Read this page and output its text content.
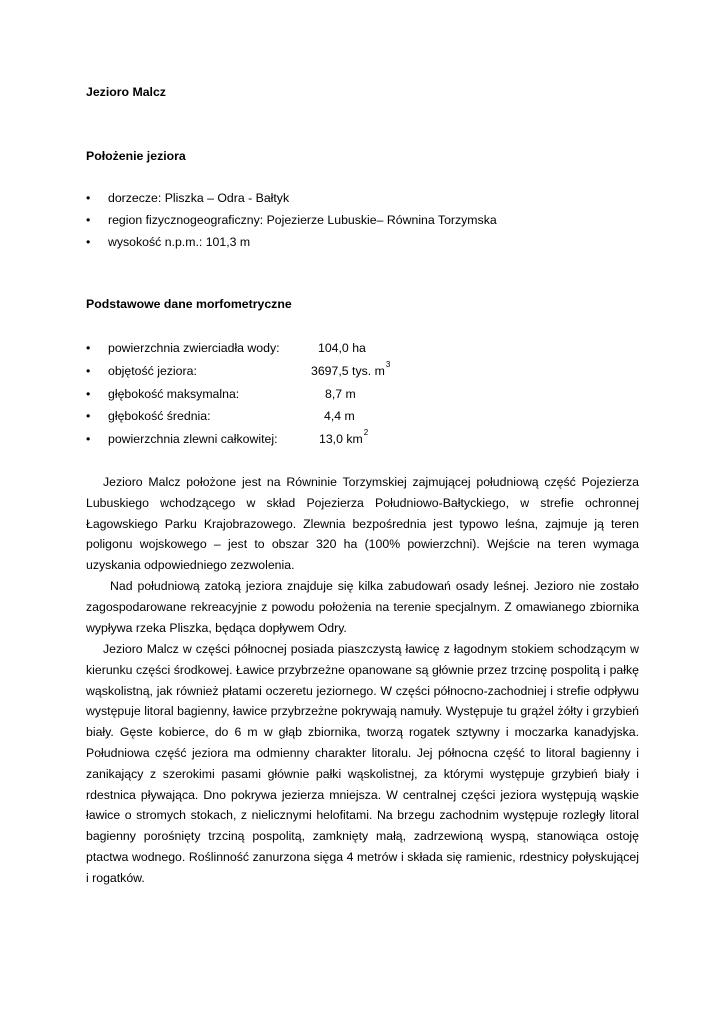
Jezioro Malcz
Położenie jeziora
• dorzecze: Pliszka – Odra - Bałtyk
• region fizycznogeograficzny: Pojezierze Lubuskie– Równina Torzymska
• wysokość n.p.m.: 101,3 m
Podstawowe dane morfometryczne
• powierzchnia zwierciadła wody:	104,0 ha
• objętość jeziora:	3697,5 tys. $m^3$
• głębokość maksymalna:	8,7 m
• głębokość średnia:	4,4 m
• powierzchnia zlewni całkowitej:	13,0 $km^2$

Jezioro Malcz położone jest na Równinie Torzymskiej zajmującej południową część Pojezierza Lubuskiego wchodzącego w skład Pojezierza Południowo-Bałtyckiego, w strefie ochronnej Łagowskiego Parku Krajobrazowego. Zlewnia bezpośrednia jest typowo leśna, zajmuje ją teren poligonu wojskowego – jest to obszar 320 ha (100% powierzchni). Wejście na teren wymaga uzyskania odpowiedniego zezwolenia.

Nad południową zatoką jeziora znajduje się kilka zabudowań osady leśnej. Jezioro nie zostało zagospodarowane rekreacyjnie z powodu położenia na terenie specjalnym. Z omawianego zbiornika wypływa rzeka Pliszka, będąca dopływem Odry.

Jezioro Malcz w części północnej posiada piaszczystą ławicę z łagodnym stokiem schodzącym w kierunku części środkowej. Ławice przybrzeżne opanowane są głównie przez trzcinę pospolitą i pałkę wąskolistną, jak również płatami oczeretu jeziornego. W części północno-zachodniej i strefie odpływu występuje litoral bagienny, ławice przybrzeżne pokrywają namuły. Występuje tu grążel żółty i grzybień biały. Gęste kobierce, do 6 m w głąb zbiornika, tworzą rogatek sztywny i moczarka kanadyjska. Południowa część jeziora ma odmienny charakter litoralu. Jej północna część to litoral bagienny i zanikający z szerokimi pasami głównie pałki wąskolistnej, za którymi występuje grzybień biały i rdestnica pływająca. Dno pokrywa jezierza mniejsza. W centralnej części jeziora występują wąskie ławice o stromych stokach, z nielicznymi helofitami. Na brzegu zachodnim występuje rozległy litoral bagienny porośnięty trzciną pospolitą, zamknięty małą, zadrzewioną wyspą, stanowiąca ostoję ptactwa wodnego. Roślinność zanurzona sięga 4 metrów i składa się ramienic, rdestnicy połyskującej i rogatków.
